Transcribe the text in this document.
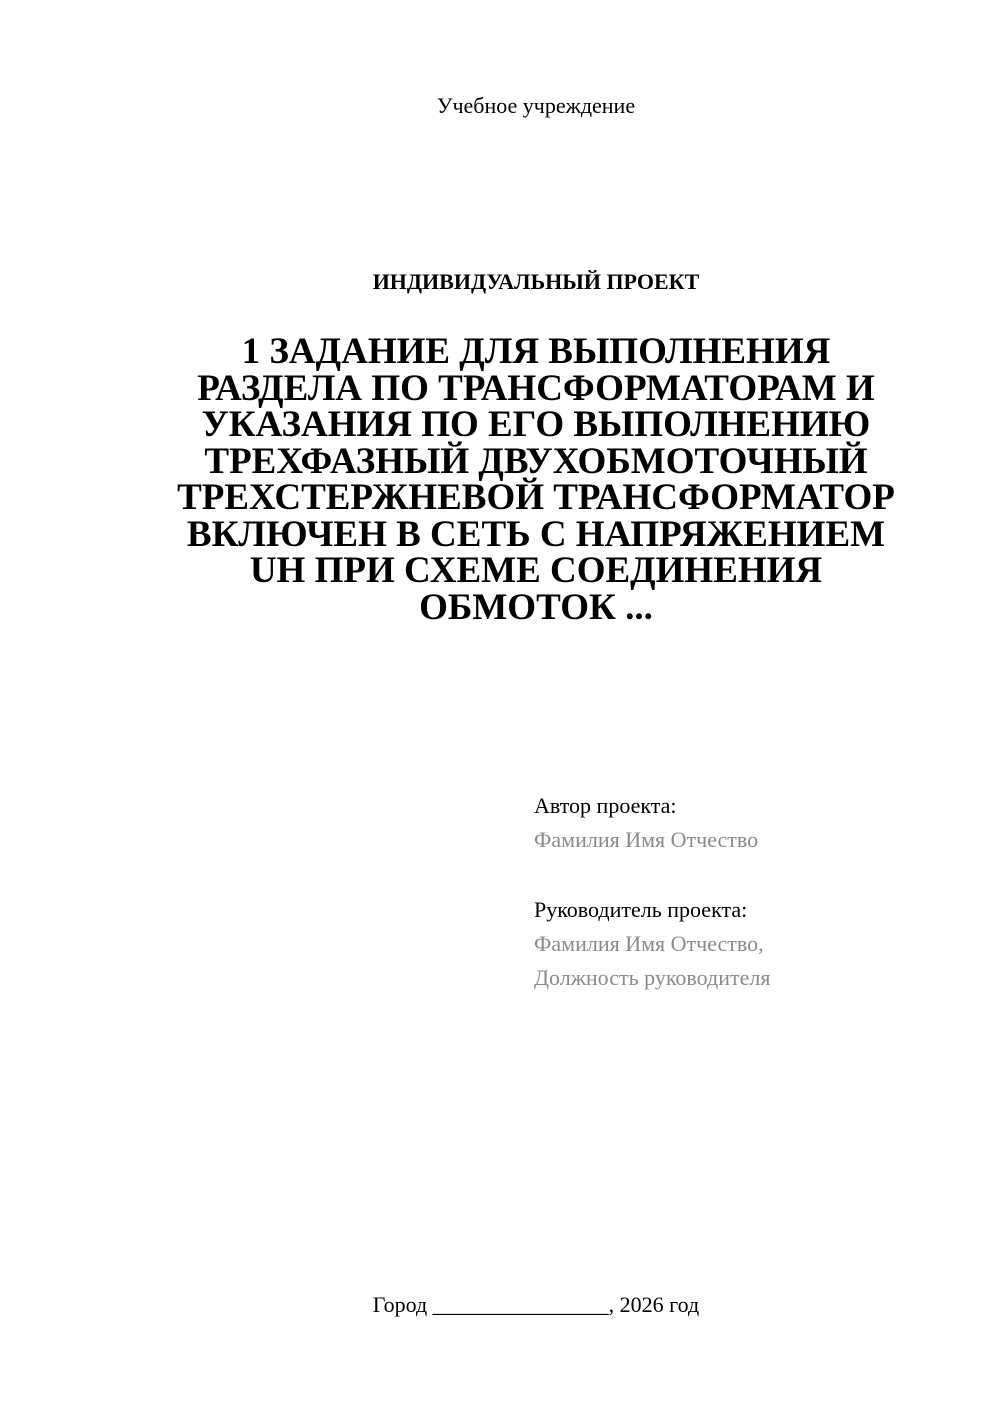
Учебное учреждение
ИНДИВИДУАЛЬНЫЙ ПРОЕКТ
1 ЗАДАНИЕ ДЛЯ ВЫПОЛНЕНИЯ
РАЗДЕЛА ПО ТРАНСФОРМАТОРАМ И
УКАЗАНИЯ ПО ЕГО ВЫПОЛНЕНИЮ
ТРЕХФАЗНЫЙ ДВУХОБМОТОЧНЫЙ
ТРЕХСТЕРЖНЕВОЙ ТРАНСФОРМАТОР
ВКЛЮЧЕН В СЕТЬ С НАПРЯЖЕНИЕМ
UН ПРИ СХЕМЕ СОЕДИНЕНИЯ
ОБМОТОК ...
Автор проекта:
Фамилия Имя Отчество
Руководитель проекта:
Фамилия Имя Отчество,
Должность руководителя
Город ________________, 2026 год
